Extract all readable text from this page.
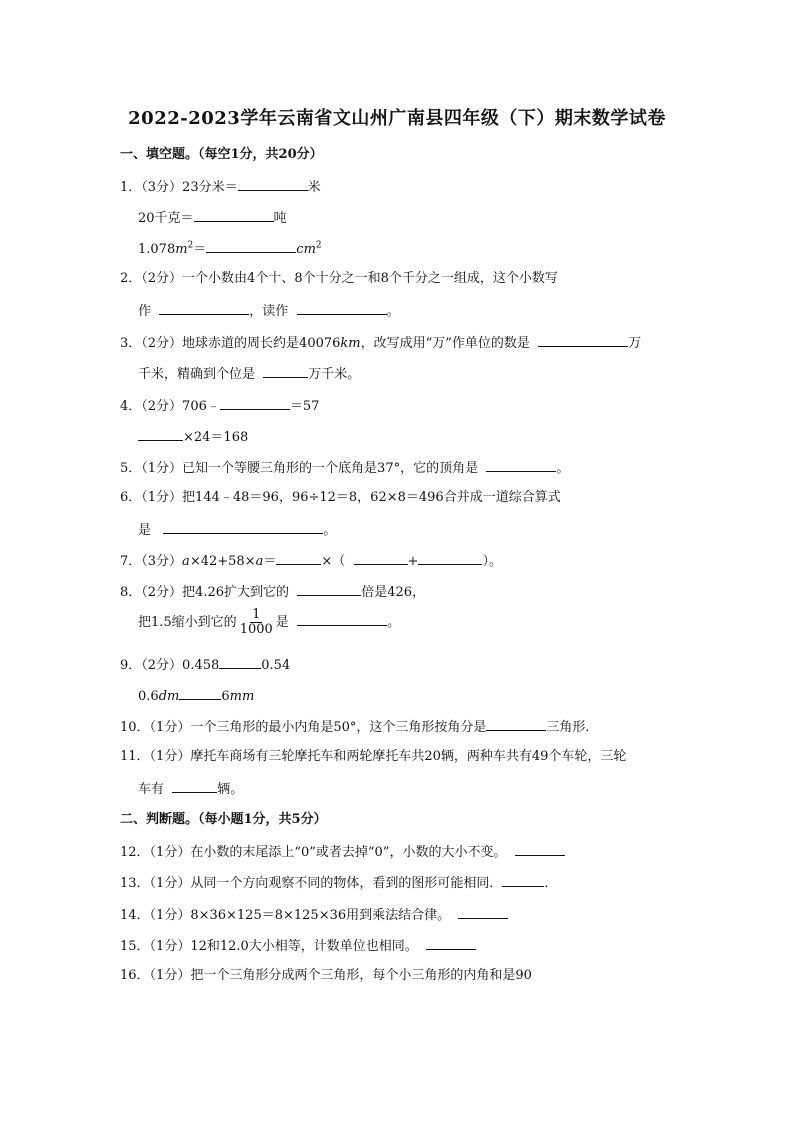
2022-2023学年云南省文山州广南县四年级（下）期末数学试卷
一、填空题。（每空1分，共20分）
1．（3分）23分米＝	米
20千克＝	吨
$1.078m^2=$	$cm^2$
2．（2分）一个小数由4个十、8个十分之一和8个千分之一组成，这个小数写
作	，读作	。
3．（2分）地球赤道的周长约是40076km，改写成用“万”作单位的数是	万
千米，精确到个位是	万千米。
4．（2分）706﹣	＝57
×24＝168
5．（1分）已知一个等腰三角形的一个底角是37°，它的顶角是	。
6．（1分）把144﹣48＝96，96÷12＝8，62×8＝496合并成一道综合算式
是	。
7．（3分）a×42+58×a＝	×（	+	）。
8．（2分）把4.26扩大到它的	倍是426，
把1.5缩小到它的 $\frac{1}{1000}$ 是	。
9．（2分）0.458	0.54
0.6dm	6mm
10．（1分）一个三角形的最小内角是50°，这个三角形按角分是	三角形．
11．（1分）摩托车商场有三轮摩托车和两轮摩托车共20辆，两种车共有49个车轮，三轮
车有	辆。
二、判断题。（每小题1分，共5分）
12．（1分）在小数的末尾添上“0”或者去掉“0”，小数的大小不变。
13．（1分）从同一个方向观察不同的物体，看到的图形可能相同．	．
14．（1分）8×36×125＝8×125×36用到乘法结合律。
15．（1分）12和12.0大小相等，计数单位也相同。
16．（1分）把一个三角形分成两个三角形，每个小三角形的内角和是90
